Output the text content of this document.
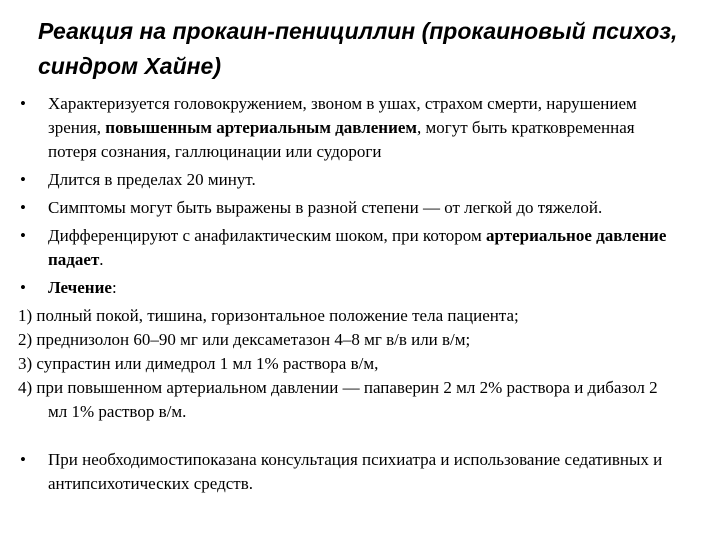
Реакция на прокаин-пенициллин (прокаиновый психоз, синдром Хайне)
• Характеризуется головокружением, звоном в ушах, страхом смерти, нарушением зрения, повышенным артериальным давлением, могут быть кратковременная потеря сознания, галлюцинации или судороги
• Длится в пределах 20 минут.
• Симптомы могут быть выражены в разной степени — от легкой до тяжелой.
• Дифференцируют с анафилактическим шоком, при котором артериальное давление падает.
• Лечение:

1) полный покой, тишина, горизонтальное положение тела пациента;

2) преднизолон 60–90 мг или дексаметазон 4–8 мг в/в или в/м;

3) супрастин или димедрол 1 мл 1% раствора в/м,

4) при повышенном артериальном давлении — папаверин 2 мл 2% раствора и дибазол 2 мл 1% раствор в/м.

• При необходимостипоказана консультация психиатра и использование седативных и антипсихотических средств.
